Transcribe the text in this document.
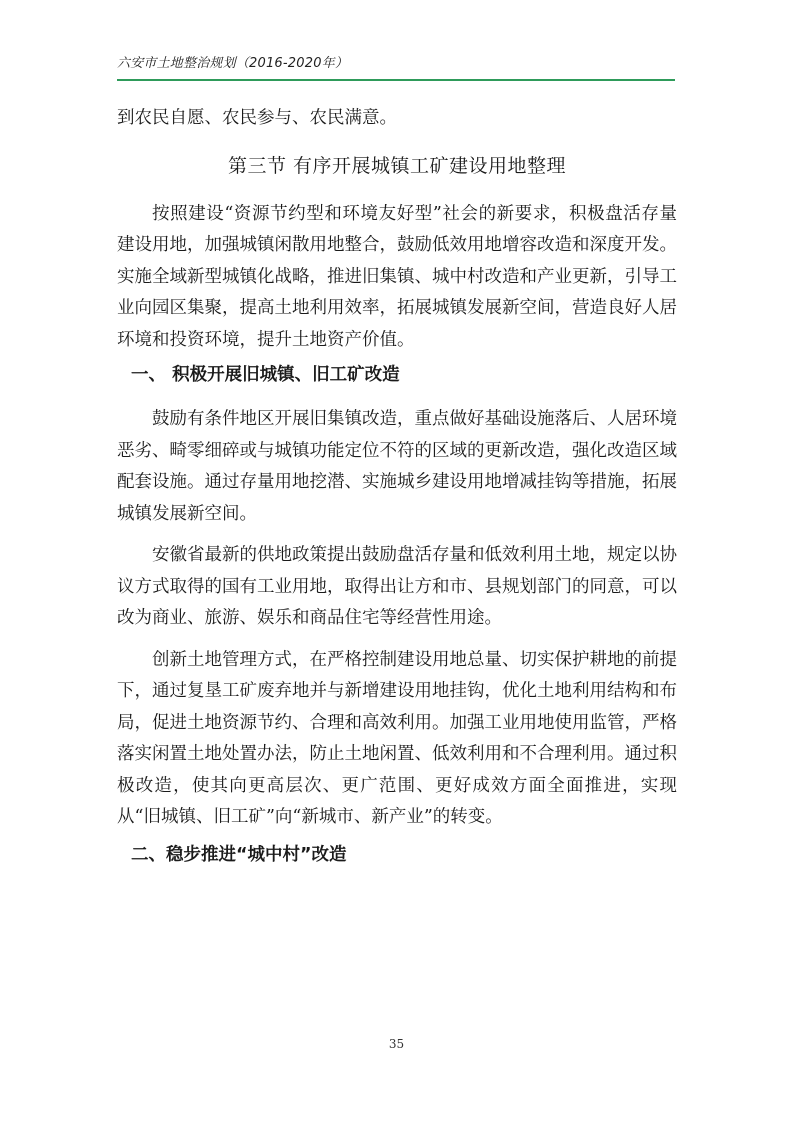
六安市土地整治规划（2016-2020年）

到农民自愿、农民参与、农民满意。

第三节 有序开展城镇工矿建设用地整理

按照建设“资源节约型和环境友好型”社会的新要求，积极盘活存量建设用地，加强城镇闲散用地整合，鼓励低效用地增容改造和深度开发。实施全域新型城镇化战略，推进旧集镇、城中村改造和产业更新，引导工业向园区集聚，提高土地利用效率，拓展城镇发展新空间，营造良好人居环境和投资环境，提升土地资产价值。

一、 积极开展旧城镇、旧工矿改造

鼓励有条件地区开展旧集镇改造，重点做好基础设施落后、人居环境恶劣、畸零细碎或与城镇功能定位不符的区域的更新改造，强化改造区域配套设施。通过存量用地挖潜、实施城乡建设用地增减挂钩等措施，拓展城镇发展新空间。

安徽省最新的供地政策提出鼓励盘活存量和低效利用土地，规定以协议方式取得的国有工业用地，取得出让方和市、县规划部门的同意，可以改为商业、旅游、娱乐和商品住宅等经营性用途。

创新土地管理方式，在严格控制建设用地总量、切实保护耕地的前提下，通过复垦工矿废弃地并与新增建设用地挂钩，优化土地利用结构和布局，促进土地资源节约、合理和高效利用。加强工业用地使用监管，严格落实闲置土地处置办法，防止土地闲置、低效利用和不合理利用。通过积极改造，使其向更高层次、更广范围、更好成效方面全面推进，实现从“旧城镇、旧工矿”向“新城市、新产业”的转变。

二、稳步推进“城中村”改造
35
